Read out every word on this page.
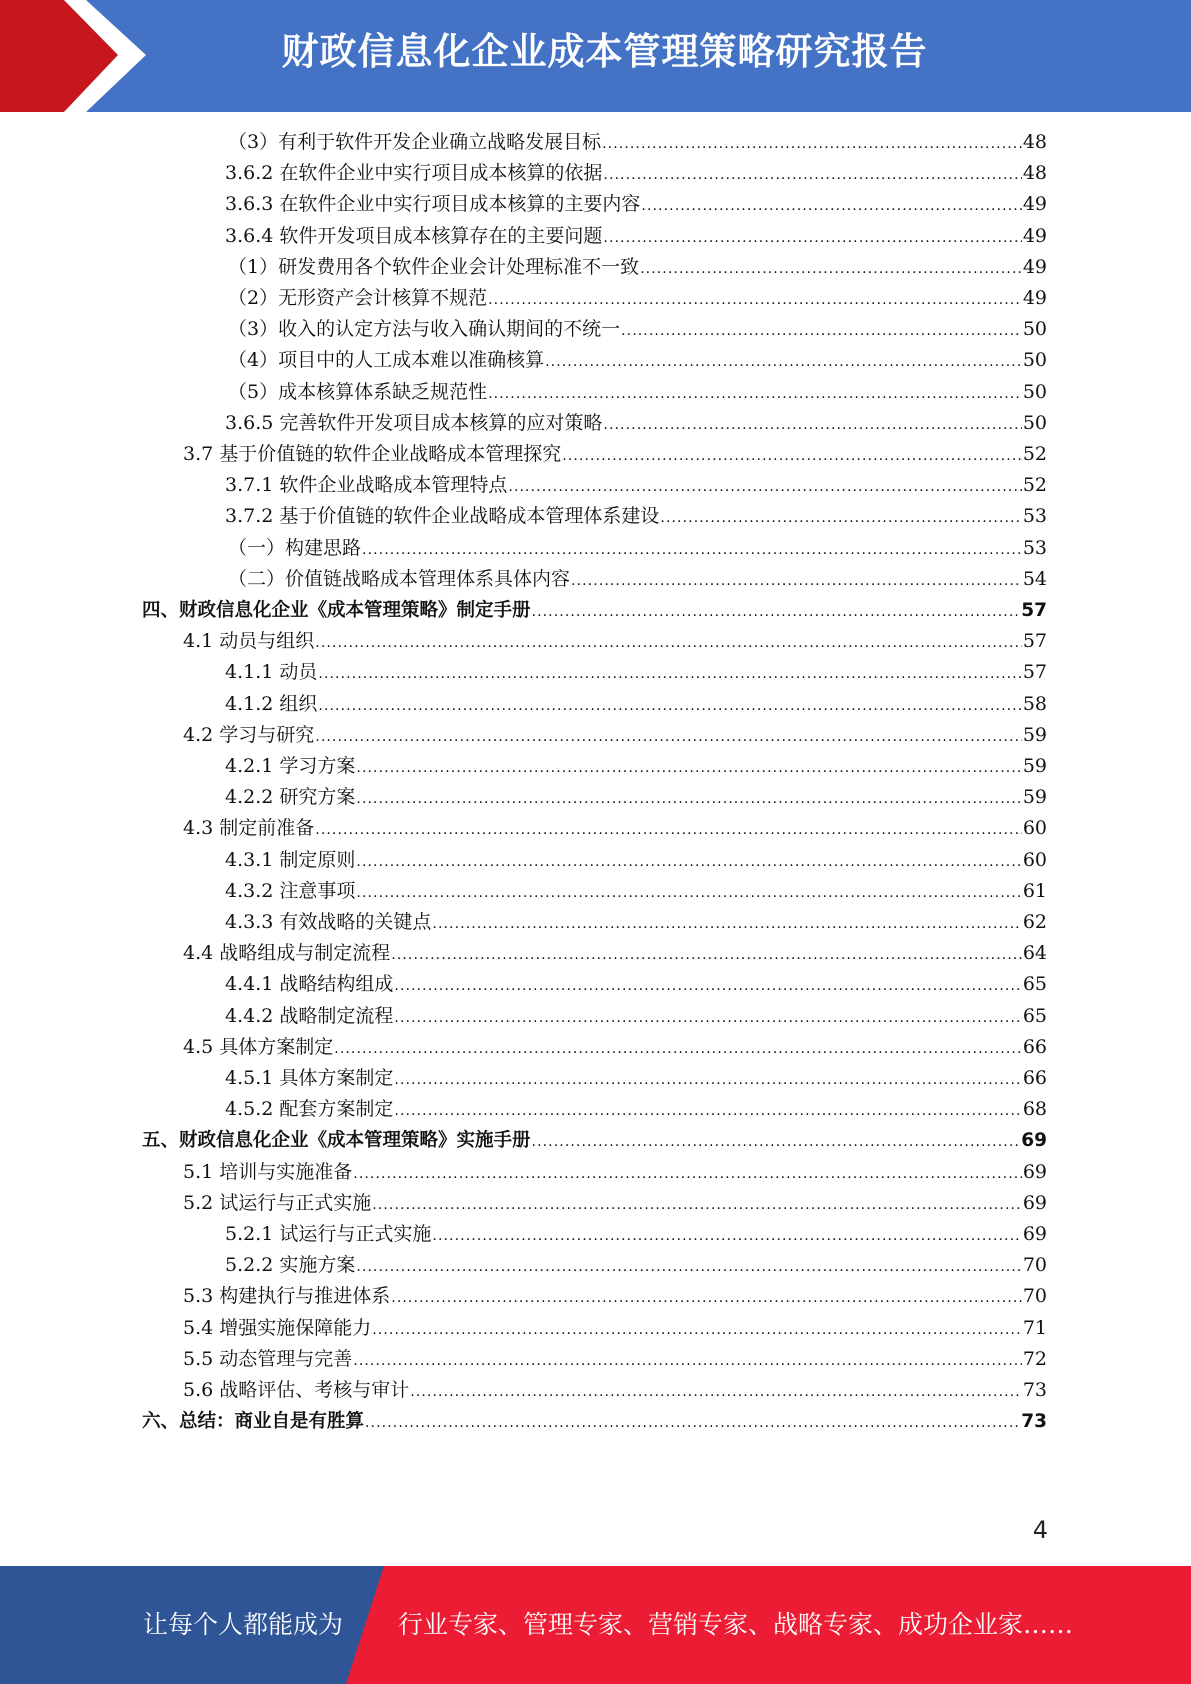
财政信息化企业成本管理策略研究报告
（3）有利于软件开发企业确立战略发展目标 .....	48
3.6.2 在软件企业中实行项目成本核算的依据 .....	48
3.6.3 在软件企业中实行项目成本核算的主要内容 .....	49
3.6.4 软件开发项目成本核算存在的主要问题 .....	49
（1）研发费用各个软件企业会计处理标准不一致 .....	49
（2）无形资产会计核算不规范 .....	49
（3）收入的认定方法与收入确认期间的不统一 .....	50
（4）项目中的人工成本难以准确核算 .....	50
（5）成本核算体系缺乏规范性 .....	50
3.6.5 完善软件开发项目成本核算的应对策略 .....	50
3.7 基于价值链的软件企业战略成本管理探究 .....	52
3.7.1 软件企业战略成本管理特点 .....	52
3.7.2 基于价值链的软件企业战略成本管理体系建设 .....	53
（一）构建思路 .....	53
（二）价值链战略成本管理体系具体内容 .....	54
四、财政信息化企业《成本管理策略》制定手册 .....	57
4.1 动员与组织 .....	57
4.1.1 动员 .....	57
4.1.2 组织 .....	58
4.2 学习与研究 .....	59
4.2.1 学习方案 .....	59
4.2.2 研究方案 .....	59
4.3 制定前准备 .....	60
4.3.1 制定原则 .....	60
4.3.2 注意事项 .....	61
4.3.3 有效战略的关键点 .....	62
4.4 战略组成与制定流程 .....	64
4.4.1 战略结构组成 .....	65
4.4.2 战略制定流程 .....	65
4.5 具体方案制定 .....	66
4.5.1 具体方案制定 .....	66
4.5.2 配套方案制定 .....	68
五、财政信息化企业《成本管理策略》实施手册 .....	69
5.1 培训与实施准备 .....	69
5.2 试运行与正式实施 .....	69
5.2.1 试运行与正式实施 .....	69
5.2.2 实施方案 .....	70
5.3 构建执行与推进体系 .....	70
5.4 增强实施保障能力 .....	71
5.5 动态管理与完善 .....	72
5.6 战略评估、考核与审计 .....	73
六、总结：商业自是有胜算 .....	73
4
让每个人都能成为 行业专家、管理专家、营销专家、战略专家、成功企业家……
